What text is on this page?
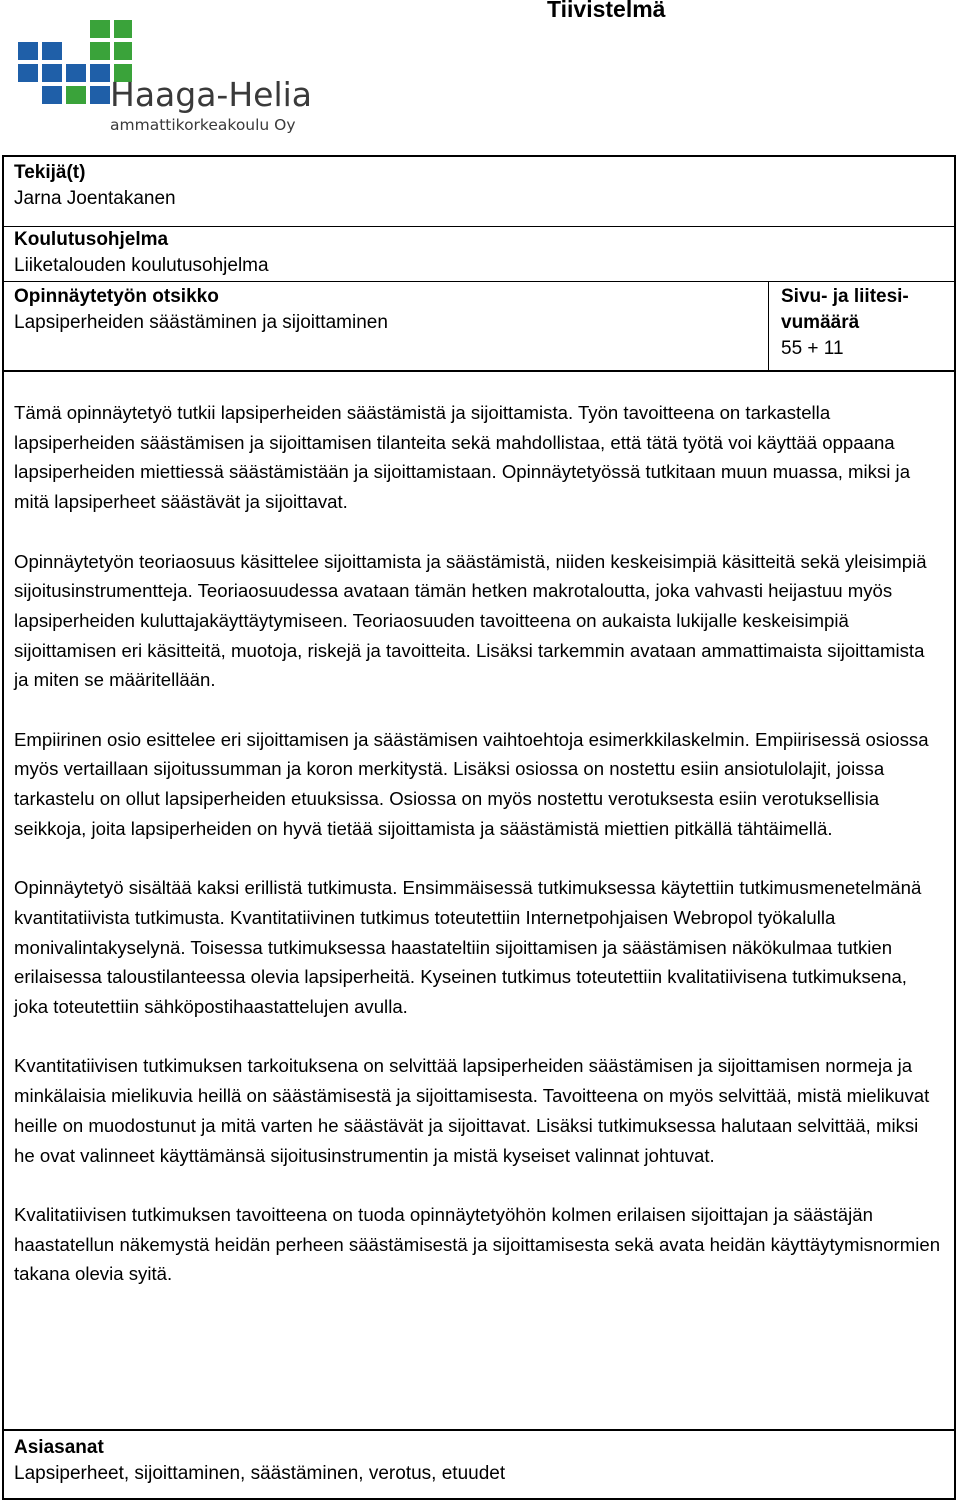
Tiivistelmä
Haaga-Helia
ammattikorkeakoulu Oy
Tekijä(t)
Jarna Joentakanen
Koulutusohjelma
Liiketalouden koulutusohjelma
Opinnäytetyön otsikko
Lapsiperheiden säästäminen ja sijoittaminen
Sivu- ja liitesi-
vumäärä
55 + 11

Tämä opinnäytetyö tutkii lapsiperheiden säästämistä ja sijoittamista. Työn tavoitteena on tarkastella lapsiperheiden säästämisen ja sijoittamisen tilanteita sekä mahdollistaa, että tätä työtä voi käyttää oppaana lapsiperheiden miettiessä säästämistään ja sijoittamistaan. Opinnäytetyössä tutkitaan muun muassa, miksi ja mitä lapsiperheet säästävät ja sijoittavat.

Opinnäytetyön teoriaosuus käsittelee sijoittamista ja säästämistä, niiden keskeisimpiä käsitteitä sekä yleisimpiä sijoitusinstrumentteja. Teoriaosuudessa avataan tämän hetken makrotaloutta, joka vahvasti heijastuu myös lapsiperheiden kuluttajakäyttäytymiseen. Teoriaosuuden tavoitteena on aukaista lukijalle keskeisimpiä sijoittamisen eri käsitteitä, muotoja, riskejä ja tavoitteita. Lisäksi tarkemmin avataan ammattimaista sijoittamista ja miten se määritellään.

Empiirinen osio esittelee eri sijoittamisen ja säästämisen vaihtoehtoja esimerkkilaskelmin. Empiirisessä osiossa myös vertaillaan sijoitussumman ja koron merkitystä. Lisäksi osiossa on nostettu esiin ansiotulolajit, joissa tarkastelu on ollut lapsiperheiden etuuksissa. Osiossa on myös nostettu verotuksesta esiin verotuksellisia seikkoja, joita lapsiperheiden on hyvä tietää sijoittamista ja säästämistä miettien pitkällä tähtäimellä.

Opinnäytetyö sisältää kaksi erillistä tutkimusta. Ensimmäisessä tutkimuksessa käytettiin tutkimusmenetelmänä kvantitatiivista tutkimusta. Kvantitatiivinen tutkimus toteutettiin Internetpohjaisen Webropol työkalulla monivalintakyselynä. Toisessa tutkimuksessa haastateltiin sijoittamisen ja säästämisen näkökulmaa tutkien erilaisessa taloustilanteessa olevia lapsiperheitä. Kyseinen tutkimus toteutettiin kvalitatiivisena tutkimuksena, joka toteutettiin sähköpostihaastattelujen avulla.

Kvantitatiivisen tutkimuksen tarkoituksena on selvittää lapsiperheiden säästämisen ja sijoittamisen normeja ja minkälaisia mielikuvia heillä on säästämisestä ja sijoittamisesta. Tavoitteena on myös selvittää, mistä mielikuvat heille on muodostunut ja mitä varten he säästävät ja sijoittavat. Lisäksi tutkimuksessa halutaan selvittää, miksi he ovat valinneet käyttämänsä sijoitusinstrumentin ja mistä kyseiset valinnat johtuvat.

Kvalitatiivisen tutkimuksen tavoitteena on tuoda opinnäytetyöhön kolmen erilaisen sijoittajan ja säästäjän haastatellun näkemystä heidän perheen säästämisestä ja sijoittamisesta sekä avata heidän käyttäytymisnormien takana olevia syitä.

Asiasanat
Lapsiperheet, sijoittaminen, säästäminen, verotus, etuudet
